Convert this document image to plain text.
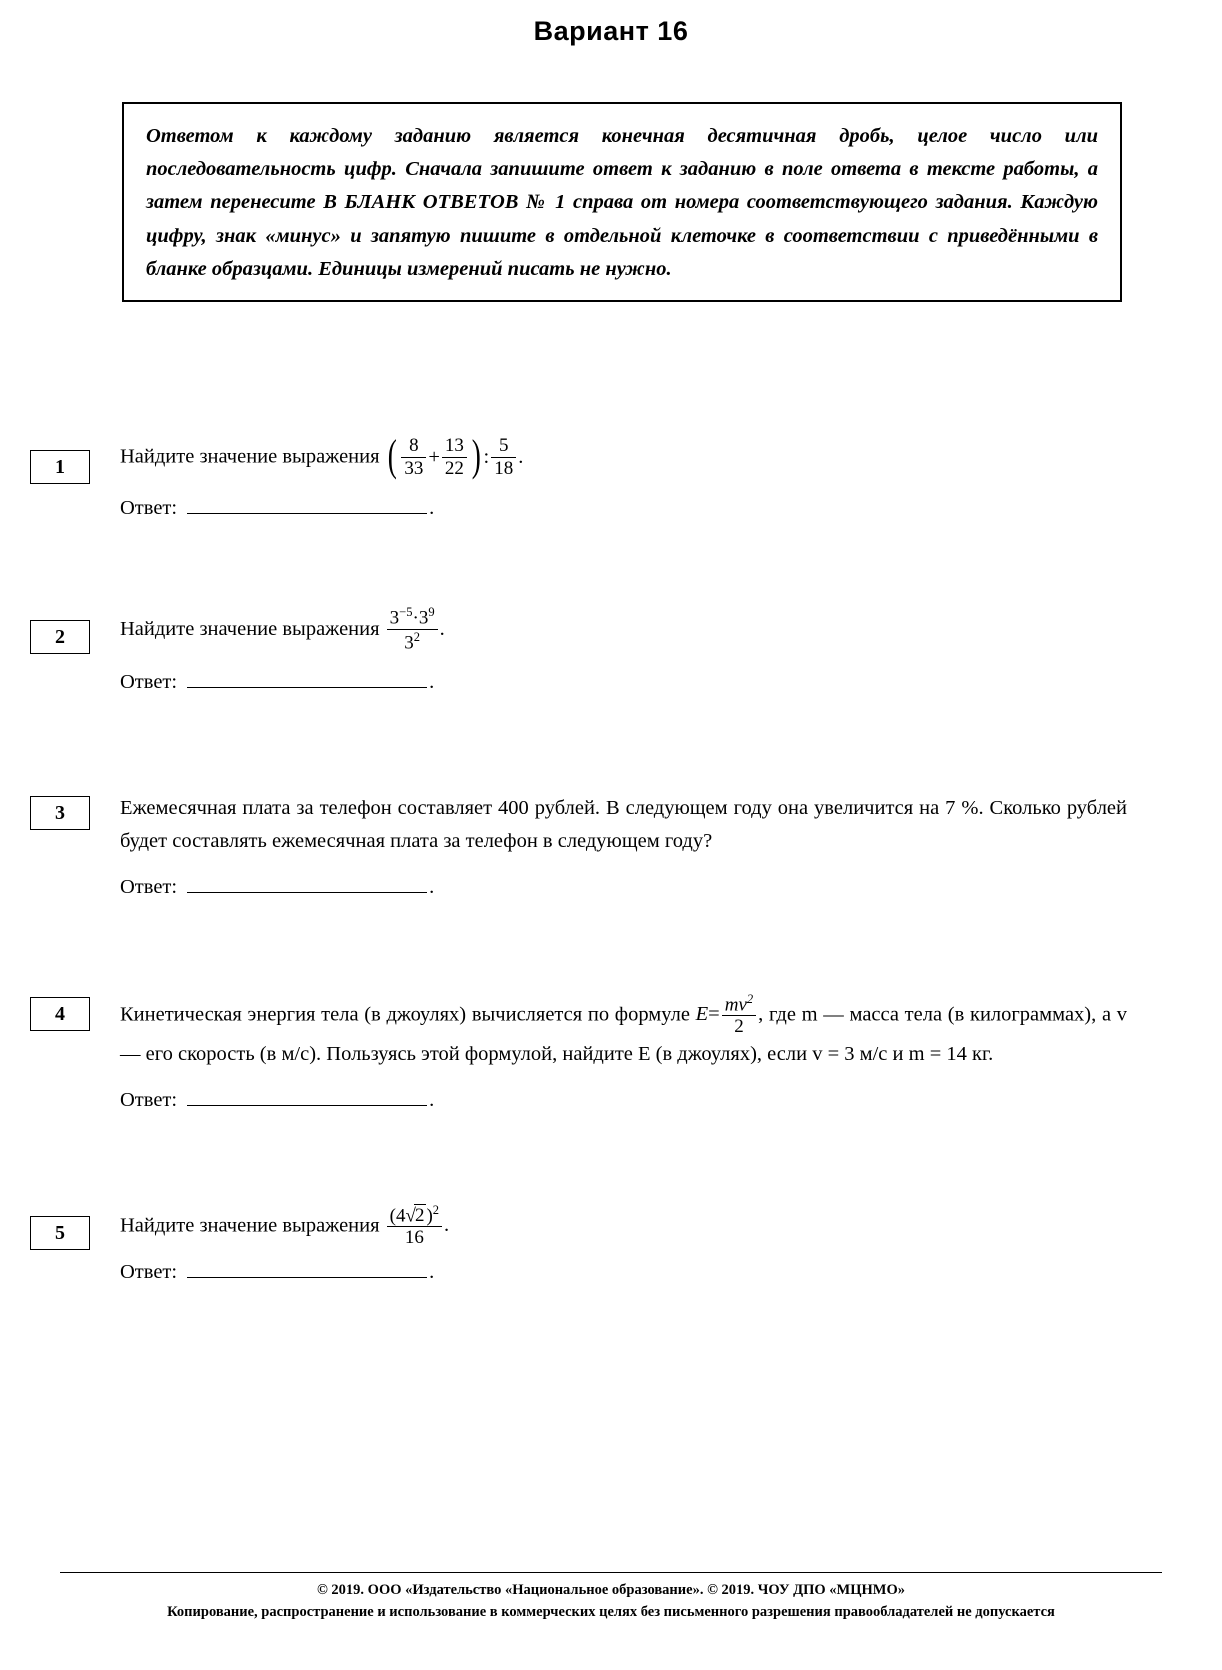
Вариант 16

Ответом к каждому заданию является конечная десятичная дробь, целое число или последовательность цифр. Сначала запишите ответ к заданию в поле ответа в тексте работы, а затем перенесите В БЛАНК ОТВЕТОВ № 1 справа от номера соответствующего задания. Каждую цифру, знак «минус» и запятую пишите в отдельной клеточке в соответствии с приведёнными в бланке образцами. Единицы измерений писать не нужно.

1	Найдите значение выражения ( $\frac{8}{33} + \frac{13}{22}$ ) : $\frac{5}{18}$ .
Ответ:	.
2	Найдите значение выражения $\frac{3^{-5}\cdot 3^9}{3^2}$ .
Ответ:	.
3	Ежемесячная плата за телефон составляет 400 рублей. В следующем году она увеличится на 7 %. Сколько рублей будет составлять ежемесячная плата за телефон в следующем году?
Ответ:	.
4	Кинетическая энергия тела (в джоулях) вычисляется по формуле $E= \frac{mv^2}{2}$ , где m — масса тела (в килограммах), а v — его скорость (в м/с). Пользуясь этой формулой, найдите E (в джоулях), если v = 3 м/с и m = 14 кг.
Ответ:	.
5	Найдите значение выражения $\frac{(4√2 )^2}{16}$ .
Ответ:	.
© 2019. ООО «Издательство «Национальное образование». © 2019. ЧОУ ДПО «МЦНМО»
Копирование, распространение и использование в коммерческих целях без письменного разрешения правообладателей не допускается
